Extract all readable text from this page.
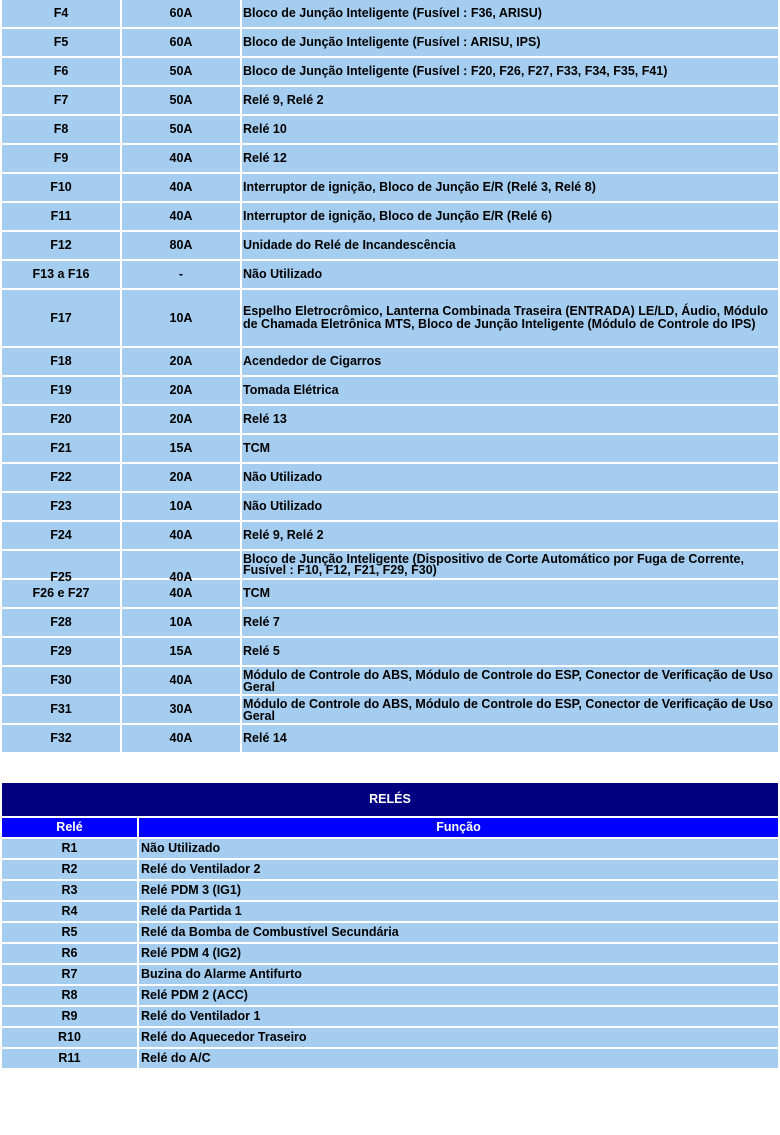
F4	60A	Bloco de Junção Inteligente (Fusível : F36, ARISU)
F5	60A	Bloco de Junção Inteligente (Fusível : ARISU, IPS)
F6	50A	Bloco de Junção Inteligente (Fusível : F20, F26, F27, F33, F34, F35, F41)
F7	50A	Relé 9, Relé 2
F8	50A	Relé 10
F9	40A	Relé 12
F10	40A	Interruptor de ignição, Bloco de Junção E/R (Relé 3, Relé 8)
F11	40A	Interruptor de ignição, Bloco de Junção E/R (Relé 6)
F12	80A	Unidade do Relé de Incandescência
F13 a F16	-	Não Utilizado
F17	10A	Espelho Eletrocrômico, Lanterna Combinada Traseira (ENTRADA) LE/LD, Áudio, Módulo de Chamada Eletrônica MTS, Bloco de Junção Inteligente (Módulo de Controle do IPS)
F18	20A	Acendedor de Cigarros
F19	20A	Tomada Elétrica
F20	20A	Relé 13
F21	15A	TCM
F22	20A	Não Utilizado
F23	10A	Não Utilizado
F24	40A	Relé 9, Relé 2

F25	40A	Bloco de Junção Inteligente (Dispositivo de Corte Automático por Fuga de Corrente, Fusível : F10, F12, F21, F29, F30)

F26 e F27	40A	TCM
F28	10A	Relé 7
F29	15A	Relé 5
F30	40A	Módulo de Controle do ABS, Módulo de Controle do ESP, Conector de Verificação de Uso Geral
F31	30A	Módulo de Controle do ABS, Módulo de Controle do ESP, Conector de Verificação de Uso Geral
F32	40A	Relé 14
RELÉS	
Relé	Função
R1	Não Utilizado
R2	Relé do Ventilador 2
R3	Relé PDM 3 (IG1)
R4	Relé da Partida 1
R5	Relé da Bomba de Combustível Secundária
R6	Relé PDM 4 (IG2)
R7	Buzina do Alarme Antifurto
R8	Relé PDM 2 (ACC)
R9	Relé do Ventilador 1
R10	Relé do Aquecedor Traseiro
R11	Relé do A/C
